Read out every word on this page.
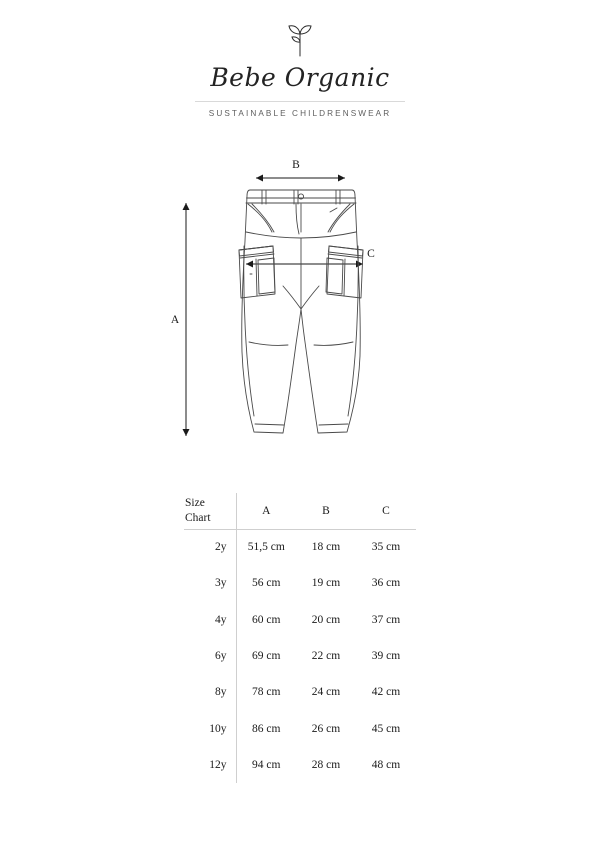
Bebe Organic

SUSTAINABLE CHILDRENSWEAR

B
A
C
Size
Chart	A	B	C
2y	51,5 cm	18 cm	35 cm
3y	56 cm	19 cm	36 cm
4y	60 cm	20 cm	37 cm
6y	69 cm	22 cm	39 cm
8y	78 cm	24 cm	42 cm
10y	86 cm	26 cm	45 cm
12y	94 cm	28 cm	48 cm
